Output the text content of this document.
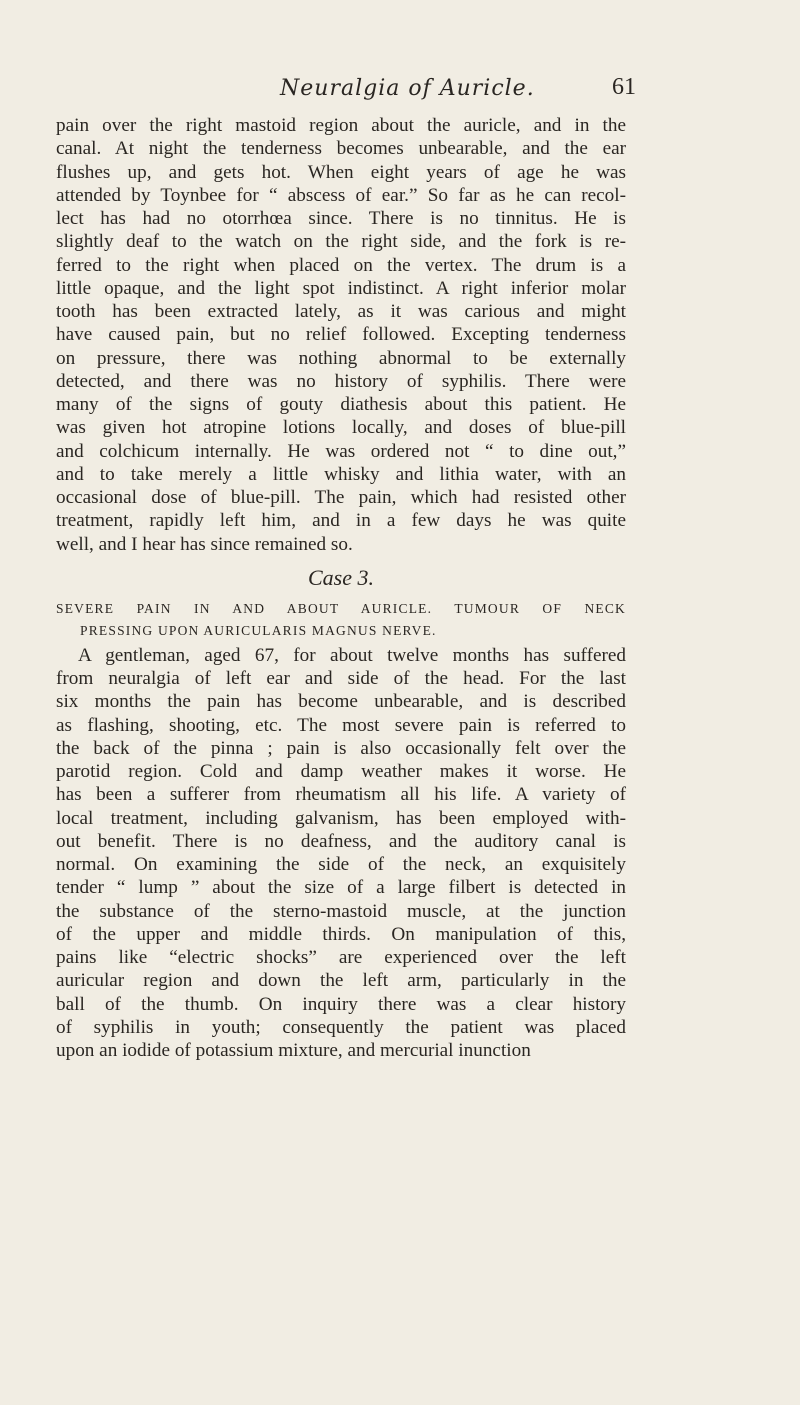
Neuralgia of Auricle.	61
pain over the right mastoid region about the auricle, and in the
canal. At night the tenderness becomes unbearable, and the ear
flushes up, and gets hot. When eight years of age he was
attended by Toynbee for “ abscess of ear.” So far as he can recol-
lect has had no otorrhœa since. There is no tinnitus. He is
slightly deaf to the watch on the right side, and the fork is re-
ferred to the right when placed on the vertex. The drum is a
little opaque, and the light spot indistinct. A right inferior molar
tooth has been extracted lately, as it was carious and might
have caused pain, but no relief followed. Excepting tenderness
on pressure, there was nothing abnormal to be externally
detected, and there was no history of syphilis. There were
many of the signs of gouty diathesis about this patient. He
was given hot atropine lotions locally, and doses of blue-pill
and colchicum internally. He was ordered not “ to dine out,”
and to take merely a little whisky and lithia water, with an
occasional dose of blue-pill. The pain, which had resisted other
treatment, rapidly left him, and in a few days he was quite
well, and I hear has since remained so.
Case 3.
SEVERE PAIN IN AND ABOUT AURICLE. TUMOUR OF NECK
PRESSING UPON AURICULARIS MAGNUS NERVE.
A gentleman, aged 67, for about twelve months has suffered
from neuralgia of left ear and side of the head. For the last
six months the pain has become unbearable, and is described
as flashing, shooting, etc. The most severe pain is referred to
the back of the pinna ; pain is also occasionally felt over the
parotid region. Cold and damp weather makes it worse. He
has been a sufferer from rheumatism all his life. A variety of
local treatment, including galvanism, has been employed with-
out benefit. There is no deafness, and the auditory canal is
normal. On examining the side of the neck, an exquisitely
tender “ lump ” about the size of a large filbert is detected in
the substance of the sterno-mastoid muscle, at the junction
of the upper and middle thirds. On manipulation of this,
pains like “electric shocks” are experienced over the left
auricular region and down the left arm, particularly in the
ball of the thumb. On inquiry there was a clear history
of syphilis in youth; consequently the patient was placed
upon an iodide of potassium mixture, and mercurial inunction
